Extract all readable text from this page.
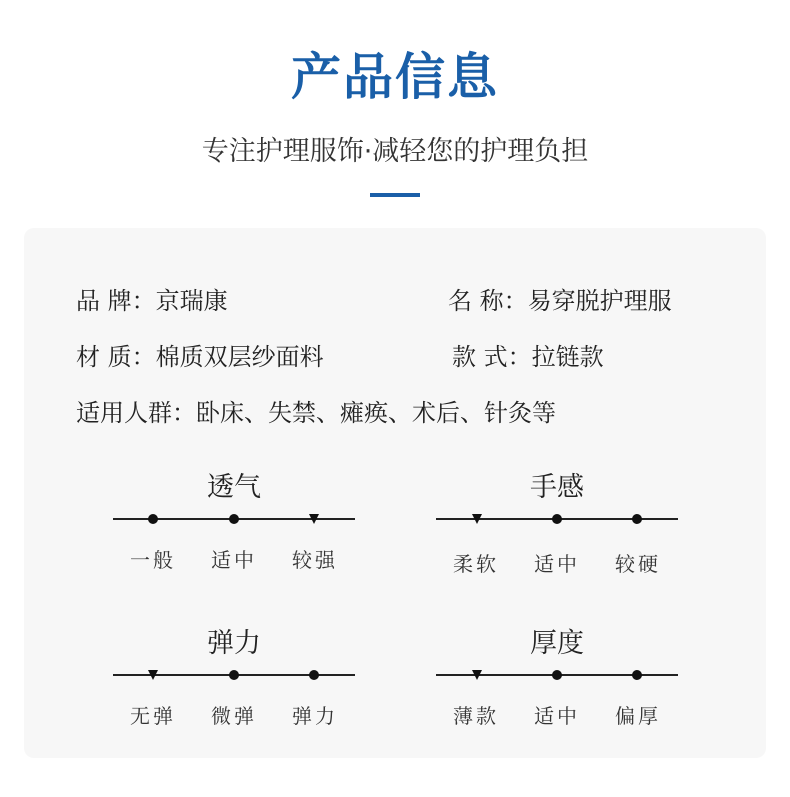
产品信息
专注护理服饰·减轻您的护理负担
品 牌：京瑞康	名 称：易穿脱护理服
材 质：棉质双层纱面料	款 式：拉链款
适用人群：卧床、失禁、瘫痪、术后、针灸等
透气
一般	适中	较强
手感
柔软	适中	较硬
弹力
无弹	微弹	弹力
厚度
薄款	适中	偏厚
